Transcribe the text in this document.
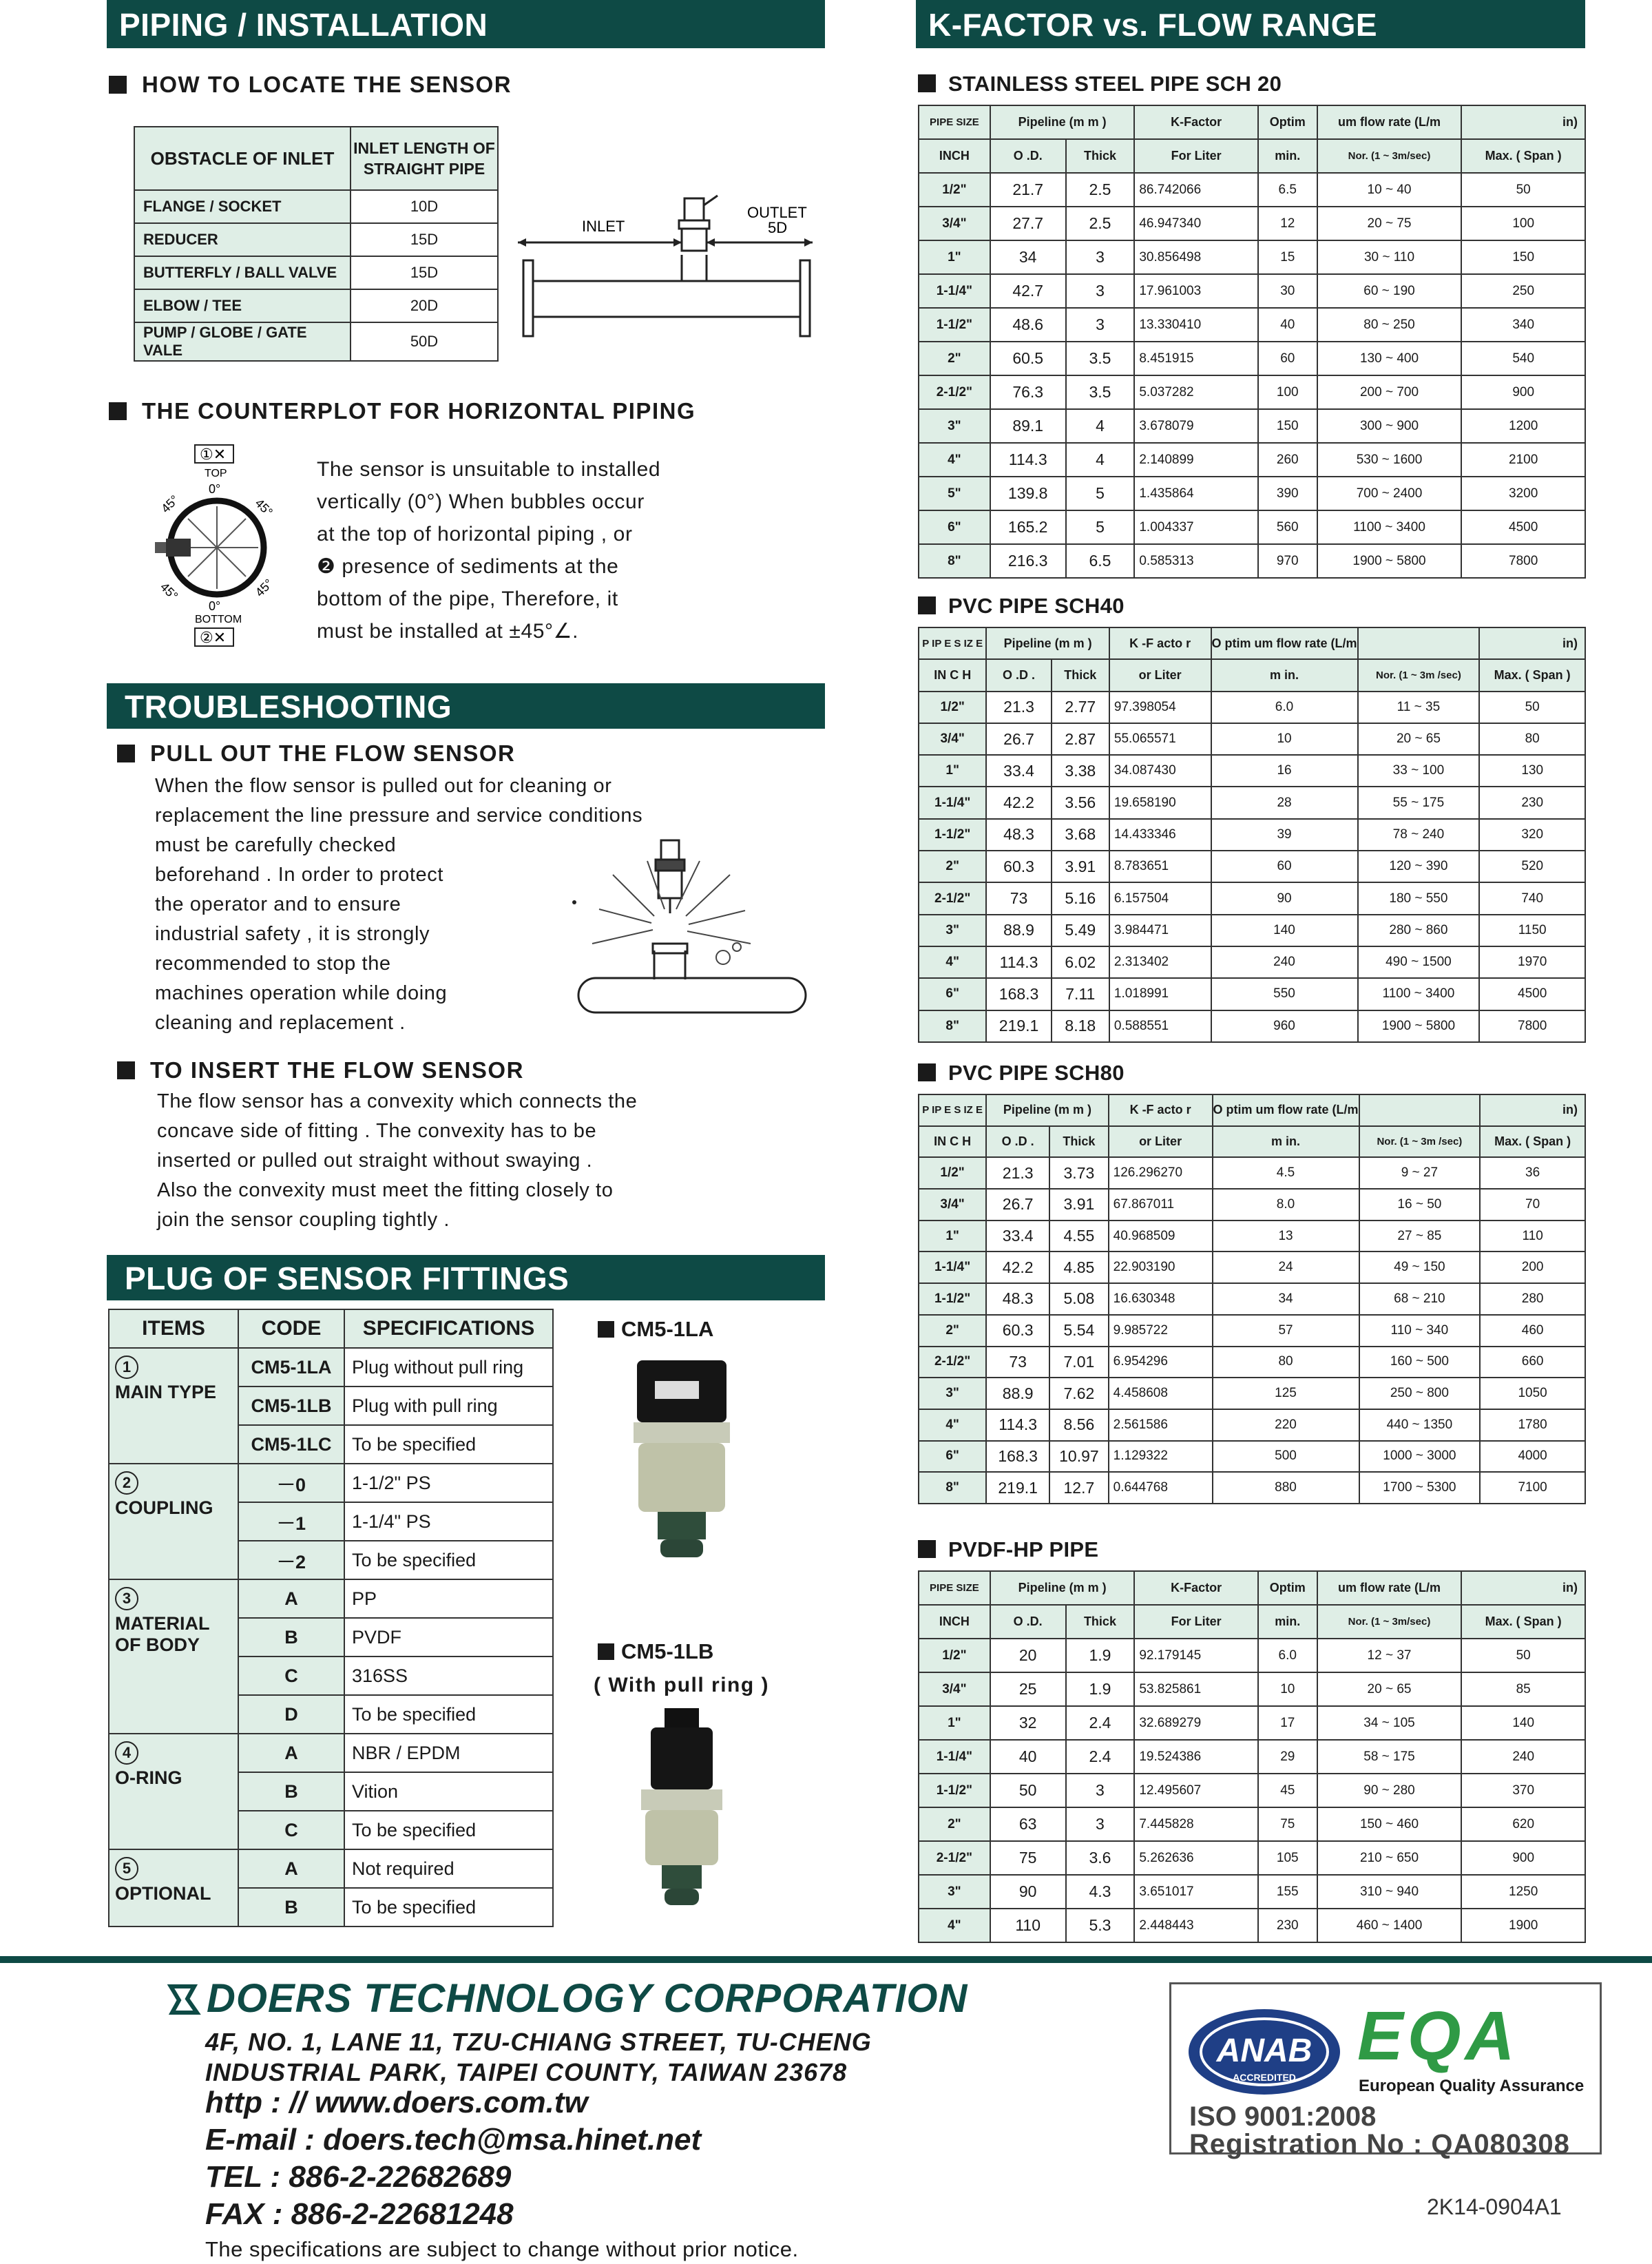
PIPING / INSTALLATION
HOW TO LOCATE THE SENSOR
OBSTACLE OF INLET	INLET LENGTH OF STRAIGHT PIPE
FLANGE / SOCKET	10D
REDUCER	15D
BUTTERFLY / BALL VALVE	15D
ELBOW / TEE	20D
PUMP / GLOBE / GATE VALE	50D
INLET
OUTLET
5D
THE COUNTERPLOT FOR HORIZONTAL PIPING
①✕
TOP
0°
45°	45°
45°	45°
0°
BOTTOM
②✕
The sensor is unsuitable to installed
vertically (0°) When bubbles occur
at the top of horizontal piping , or
❷ presence of sediments at the
bottom of the pipe, Therefore, it
must be installed at ±45°∠.
TROUBLESHOOTING
PULL OUT THE FLOW SENSOR
When the flow sensor is pulled out for cleaning or
replacement the line pressure and service conditions
must be carefully checked
beforehand . In order to protect
the operator and to ensure
industrial safety , it is strongly
recommended to stop the
machines operation while doing
cleaning and replacement .
TO INSERT THE FLOW SENSOR
The flow sensor has a convexity which connects the
concave side of fitting . The convexity has to be
inserted or pulled out straight without swaying .
Also the convexity must meet the fitting closely to
join the sensor coupling tightly .
PLUG OF SENSOR FITTINGS
ITEMS	CODE	SPECIFICATIONS
1
MAIN TYPE	CM5-1LA	Plug without pull ring
	CM5-1LB	Plug with pull ring
	CM5-1LC	To be specified
2
COUPLING	－0	1-1/2" PS
	－1	1-1/4" PS
	－2	To be specified
3
MATERIAL
OF BODY	A	PP
	B	PVDF
	C	316SS
	D	To be specified
4
O-RING	A	NBR / EPDM
	B	Vition
	C	To be specified
5
OPTIONAL	A	Not required
	B	To be specified
CM5-1LA
CM5-1LB
( With pull ring )
K-FACTOR vs. FLOW RANGE
STAINLESS STEEL PIPE SCH 20
PIPE SIZE	Pipeline (m m )		K-Factor	Optim	um flow rate (L/m	in)
INCH	O .D.	Thick	For Liter	min.	Nor. (1 ~ 3m/sec)	Max. ( Span )
1/2"	21.7	2.5	86.742066	6.5	10 ~ 40	50
3/4"	27.7	2.5	46.947340	12	20 ~ 75	100
1"	34	3	30.856498	15	30 ~ 110	150
1-1/4"	42.7	3	17.961003	30	60 ~ 190	250
1-1/2"	48.6	3	13.330410	40	80 ~ 250	340
2"	60.5	3.5	8.451915	60	130 ~ 400	540
2-1/2"	76.3	3.5	5.037282	100	200 ~ 700	900
3"	89.1	4	3.678079	150	300 ~ 900	1200
4"	114.3	4	2.140899	260	530 ~ 1600	2100
5"	139.8	5	1.435864	390	700 ~ 2400	3200
6"	165.2	5	1.004337	560	1100 ~ 3400	4500
8"	216.3	6.5	0.585313	970	1900 ~ 5800	7800
PVC PIPE SCH40
P IP E S IZ E	Pipeline (m m )		K -F acto r	O ptim um flow rate (L/m		in)
IN C H	O .D .	Thick	or Liter	m in.	Nor. (1 ~ 3m /sec)	Max. ( Span )
1/2"	21.3	2.77	97.398054	6.0	11 ~ 35	50
3/4"	26.7	2.87	55.065571	10	20 ~ 65	80
1"	33.4	3.38	34.087430	16	33 ~ 100	130
1-1/4"	42.2	3.56	19.658190	28	55 ~ 175	230
1-1/2"	48.3	3.68	14.433346	39	78 ~ 240	320
2"	60.3	3.91	8.783651	60	120 ~ 390	520
2-1/2"	73	5.16	6.157504	90	180 ~ 550	740
3"	88.9	5.49	3.984471	140	280 ~ 860	1150
4"	114.3	6.02	2.313402	240	490 ~ 1500	1970
6"	168.3	7.11	1.018991	550	1100 ~ 3400	4500
8"	219.1	8.18	0.588551	960	1900 ~ 5800	7800
PVC PIPE SCH80
P IP E S IZ E	Pipeline (m m )		K -F acto r	O ptim um flow rate (L/m		in)
IN C H	O .D .	Thick	or Liter	m in.	Nor. (1 ~ 3m /sec)	Max. ( Span )
1/2"	21.3	3.73	126.296270	4.5	9 ~ 27	36
3/4"	26.7	3.91	67.867011	8.0	16 ~ 50	70
1"	33.4	4.55	40.968509	13	27 ~ 85	110
1-1/4"	42.2	4.85	22.903190	24	49 ~ 150	200
1-1/2"	48.3	5.08	16.630348	34	68 ~ 210	280
2"	60.3	5.54	9.985722	57	110 ~ 340	460
2-1/2"	73	7.01	6.954296	80	160 ~ 500	660
3"	88.9	7.62	4.458608	125	250 ~ 800	1050
4"	114.3	8.56	2.561586	220	440 ~ 1350	1780
6"	168.3	10.97	1.129322	500	1000 ~ 3000	4000
8"	219.1	12.7	0.644768	880	1700 ~ 5300	7100
PVDF-HP PIPE
PIPE SIZE	Pipeline (m m )		K-Factor	Optim	um flow rate (L/m	in)
INCH	O .D.	Thick	For Liter	min.	Nor. (1 ~ 3m/sec)	Max. ( Span )
1/2"	20	1.9	92.179145	6.0	12 ~ 37	50
3/4"	25	1.9	53.825861	10	20 ~ 65	85
1"	32	2.4	32.689279	17	34 ~ 105	140
1-1/4"	40	2.4	19.524386	29	58 ~ 175	240
1-1/2"	50	3	12.495607	45	90 ~ 280	370
2"	63	3	7.445828	75	150 ~ 460	620
2-1/2"	75	3.6	5.262636	105	210 ~ 650	900
3"	90	4.3	3.651017	155	310 ~ 940	1250
4"	110	5.3	2.448443	230	460 ~ 1400	1900
DOERS TECHNOLOGY CORPORATION
4F, NO. 1, LANE 11, TZU-CHIANG STREET, TU-CHENG
INDUSTRIAL PARK, TAIPEI COUNTY, TAIWAN 23678
http : // www.doers.com.tw
E-mail : doers.tech@msa.hinet.net
TEL : 886-2-22682689
FAX : 886-2-22681248
The specifications are subject to change without prior notice.
ANAB
ACCREDITED
EQA
European Quality Assurance
ISO 9001:2008
Registration No : QA080308
2K14-0904A1
